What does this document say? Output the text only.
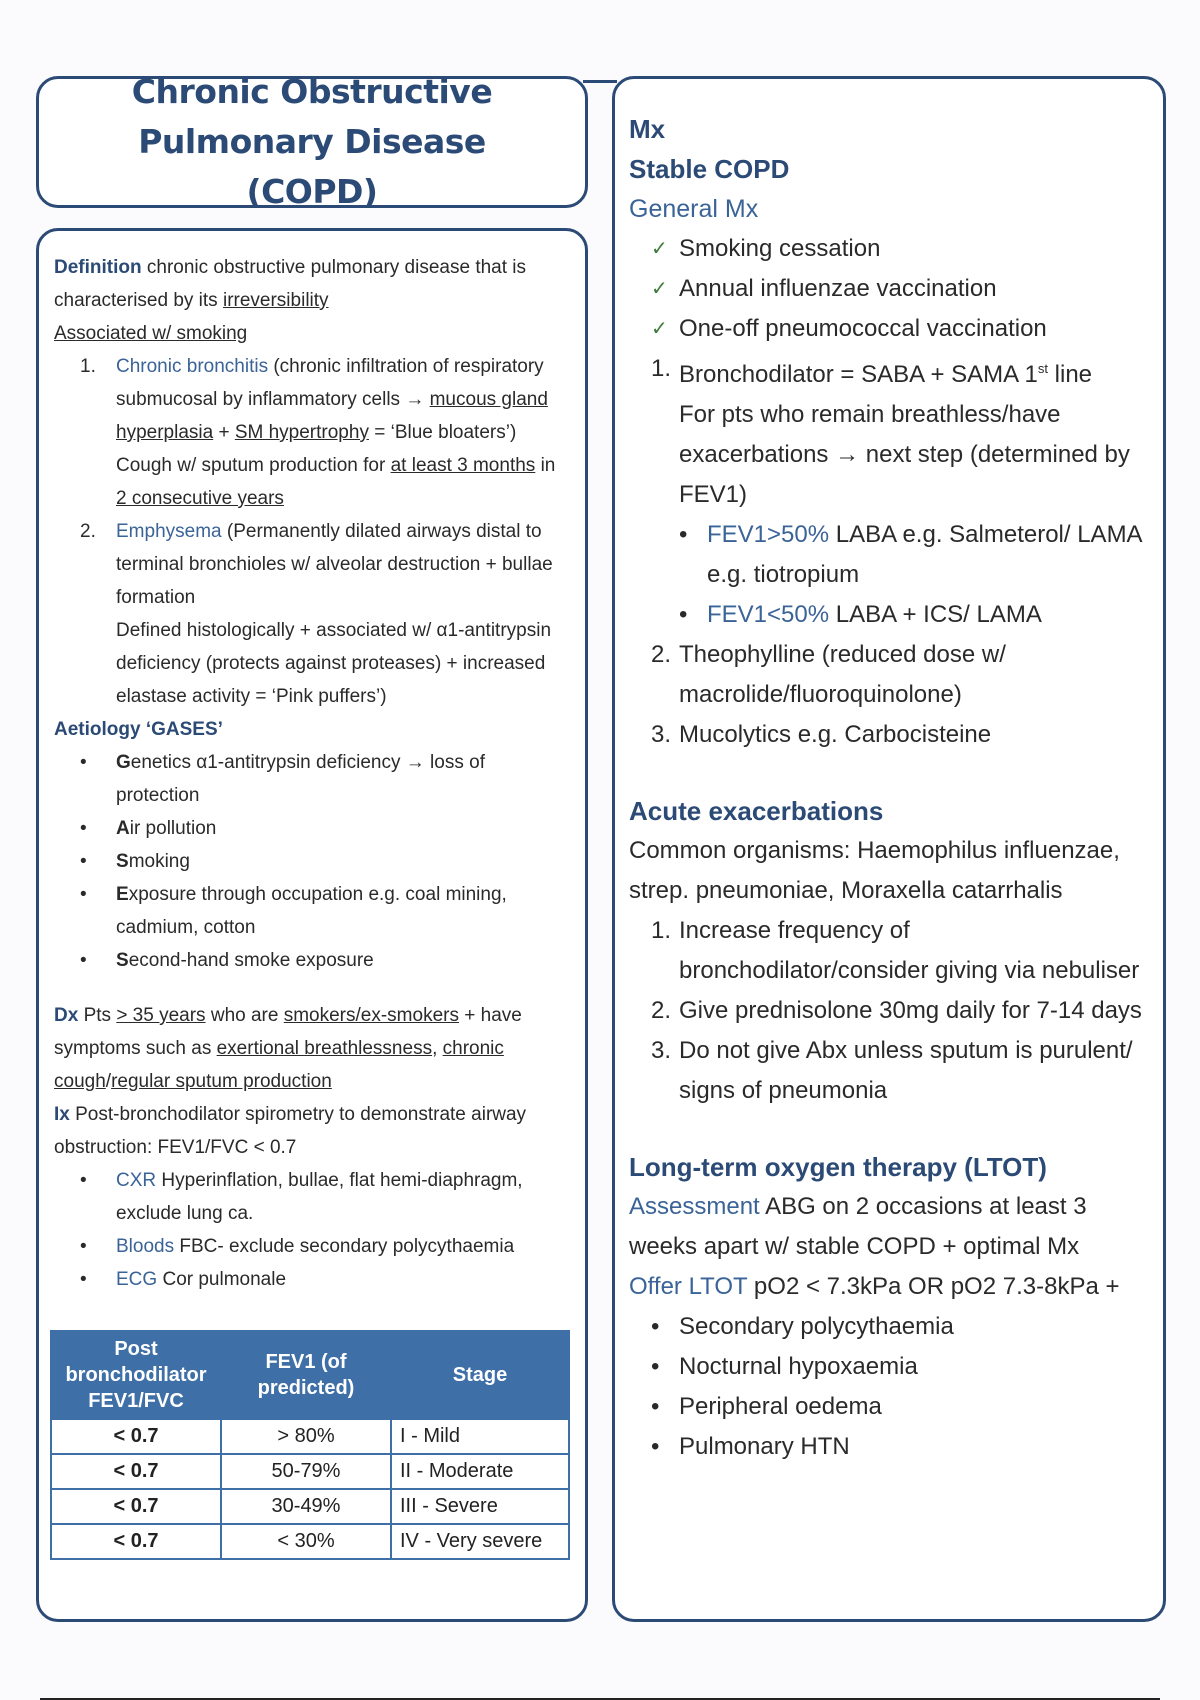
Chronic Obstructive Pulmonary Disease
(COPD)

Definition chronic obstructive pulmonary disease that is characterised by its irreversibility

Associated w/ smoking

1.	Chronic bronchitis (chronic infiltration of respiratory submucosal by inflammatory cells → mucous gland hyperplasia + SM hypertrophy = ‘Blue bloaters’)
Cough w/ sputum production for at least 3 months in 2 consecutive years
2.	Emphysema (Permanently dilated airways distal to terminal bronchioles w/ alveolar destruction + bullae formation
Defined histologically + associated w/ α1-antitrypsin deficiency (protects against proteases) + increased elastase activity = ‘Pink puffers’)

Aetiology ‘GASES’

•	Genetics α1-antitrypsin deficiency → loss of protection
•	Air pollution
•	Smoking
•	Exposure through occupation e.g. coal mining, cadmium, cotton
•	Second-hand smoke exposure

Dx Pts > 35 years who are smokers/ex-smokers + have symptoms such as exertional breathlessness, chronic cough/regular sputum production

Ix Post-bronchodilator spirometry to demonstrate airway obstruction: FEV1/FVC < 0.7

•	CXR Hyperinflation, bullae, flat hemi-diaphragm, exclude lung ca.
•	Bloods FBC- exclude secondary polycythaemia
•	ECG Cor pulmonale
Post bronchodilator FEV1/FVC	FEV1 (of predicted)	Stage
< 0.7	> 80%	I - Mild
< 0.7	50-79%	II - Moderate
< 0.7	30-49%	III - Severe
< 0.7	< 30%	IV - Very severe

Mx

Stable COPD

General Mx

✓ Smoking cessation
✓ Annual influenzae vaccination
✓ One-off pneumococcal vaccination
1. Bronchodilator = SABA + SAMA 1st line
For pts who remain breathless/have exacerbations → next step (determined by FEV1)
• FEV1>50% LABA e.g. Salmeterol/ LAMA e.g. tiotropium
• FEV1<50% LABA + ICS/ LAMA
2. Theophylline (reduced dose w/ macrolide/fluoroquinolone)
3. Mucolytics e.g. Carbocisteine

Acute exacerbations

Common organisms: Haemophilus influenzae, strep. pneumoniae, Moraxella catarrhalis

1. Increase frequency of bronchodilator/consider giving via nebuliser
2. Give prednisolone 30mg daily for 7-14 days
3. Do not give Abx unless sputum is purulent/ signs of pneumonia

Long-term oxygen therapy (LTOT)

Assessment ABG on 2 occasions at least 3 weeks apart w/ stable COPD + optimal Mx

Offer LTOT pO2 < 7.3kPa OR pO2 7.3-8kPa +

• Secondary polycythaemia
• Nocturnal hypoxaemia
• Peripheral oedema
• Pulmonary HTN
